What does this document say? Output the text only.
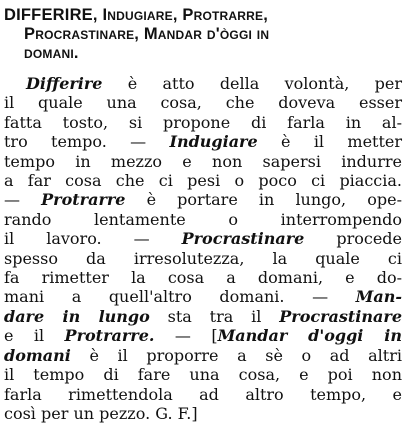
DIFFERIRE, Indugiare, Protrarre,
Procrastinare, Mandar d'òggi in
domani.
Differire è atto della volontà, per
il quale una cosa, che doveva esser
fatta tosto, si propone di farla in al-
tro tempo. — Indugiare è il metter
tempo in mezzo e non sapersi indurre
a far cosa che ci pesi o poco ci piaccia.
— Protrarre è portare in lungo, ope-
rando lentamente o interrompendo
il lavoro. — Procrastinare procede
spesso da irresolutezza, la quale ci
fa rimetter la cosa a domani, e do-
mani a quell'altro domani. — Man-
dare in lungo sta tra il Procrastinare
e il Protrarre. — [Mandar d'oggi in
domani è il proporre a sè o ad altri
il tempo di fare una cosa, e poi non
farla rimettendola ad altro tempo, e
così per un pezzo. G. F.]
